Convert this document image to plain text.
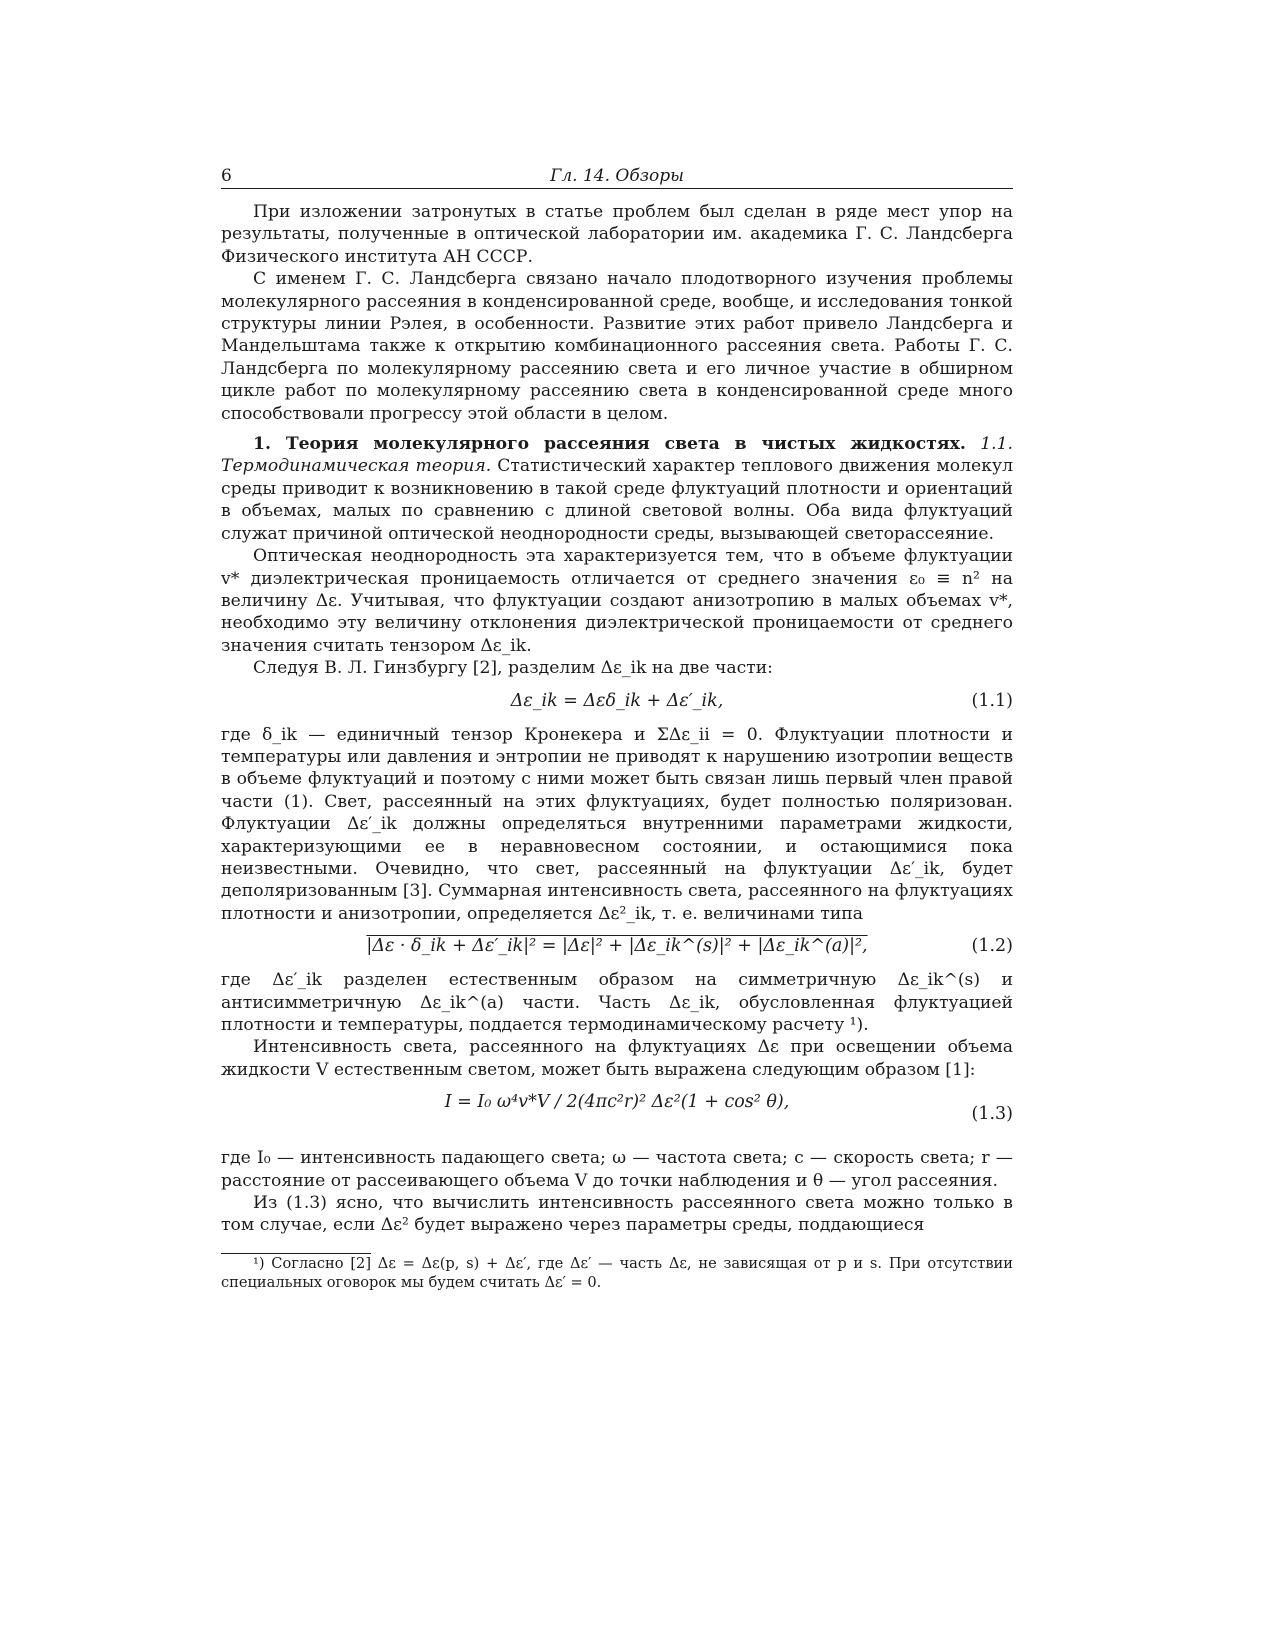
6	Гл. 14. Обзоры

При изложении затронутых в статье проблем был сделан в ряде мест упор на результаты, полученные в оптической лаборатории им. академика Г. С. Ландсберга Физического института АН СССР.

С именем Г. С. Ландсберга связано начало плодотворного изучения проблемы молекулярного рассеяния в конденсированной среде, вообще, и исследования тонкой структуры линии Рэлея, в особенности. Развитие этих работ привело Ландсберга и Мандельштама также к открытию комбинационного рассеяния света. Работы Г. С. Ландсберга по молекулярному рассеянию света и его личное участие в обширном цикле работ по молекулярному рассеянию света в конденсированной среде много способствовали прогрессу этой области в целом.

1. Теория молекулярного рассеяния света в чистых жидкостях. 1.1. Термодинамическая теория. Статистический характер теплового движения молекул среды приводит к возникновению в такой среде флуктуаций плотности и ориентаций в объемах, малых по сравнению с длиной световой волны. Оба вида флуктуаций служат причиной оптической неоднородности среды, вызывающей светорассеяние.

Оптическая неоднородность эта характеризуется тем, что в объеме флуктуации v* диэлектрическая проницаемость отличается от среднего значения ε₀ ≡ n² на величину Δε. Учитывая, что флуктуации создают анизотропию в малых объемах v*, необходимо эту величину отклонения диэлектрической проницаемости от среднего значения считать тензором Δε_ik.

Следуя В. Л. Гинзбургу [2], разделим Δε_ik на две части:

Δε_ik = Δεδ_ik + Δε′_ik,	(1.1)

где δ_ik — единичный тензор Кронекера и ΣΔε_ii = 0. Флуктуации плотности и температуры или давления и энтропии не приводят к нарушению изотропии веществ в объеме флуктуаций и поэтому с ними может быть связан лишь первый член правой части (1). Свет, рассеянный на этих флуктуациях, будет полностью поляризован. Флуктуации Δε′_ik должны определяться внутренними параметрами жидкости, характеризующими ее в неравновесном состоянии, и остающимися пока неизвестными. Очевидно, что свет, рассеянный на флуктуации Δε′_ik, будет деполяризованным [3]. Суммарная интенсивность света, рассеянного на флуктуациях плотности и анизотропии, определяется Δε²_ik, т. е. величинами типа

|Δε · δ_ik + Δε′_ik|² = |Δε|² + |Δε_ik^(s)|² + |Δε_ik^(a)|²,	(1.2)

где Δε′_ik разделен естественным образом на симметричную Δε_ik^(s) и антисимметричную Δε_ik^(a) части. Часть Δε_ik, обусловленная флуктуацией плотности и температуры, поддается термодинамическому расчету ¹).

Интенсивность света, рассеянного на флуктуациях Δε при освещении объема жидкости V естественным светом, может быть выражена следующим образом [1]:

I = I₀ ω⁴v*V / 2(4πc²r)² Δε²(1 + cos² θ),
(1.3)

где I₀ — интенсивность падающего света; ω — частота света; c — скорость света; r — расстояние от рассеивающего объема V до точки наблюдения и θ — угол рассеяния.

Из (1.3) ясно, что вычислить интенсивность рассеянного света можно только в том случае, если Δε² будет выражено через параметры среды, поддающиеся

¹) Согласно [2] Δε = Δε(p, s) + Δε′, где Δε′ — часть Δε, не зависящая от p и s. При отсутствии специальных оговорок мы будем считать Δε′ = 0.
